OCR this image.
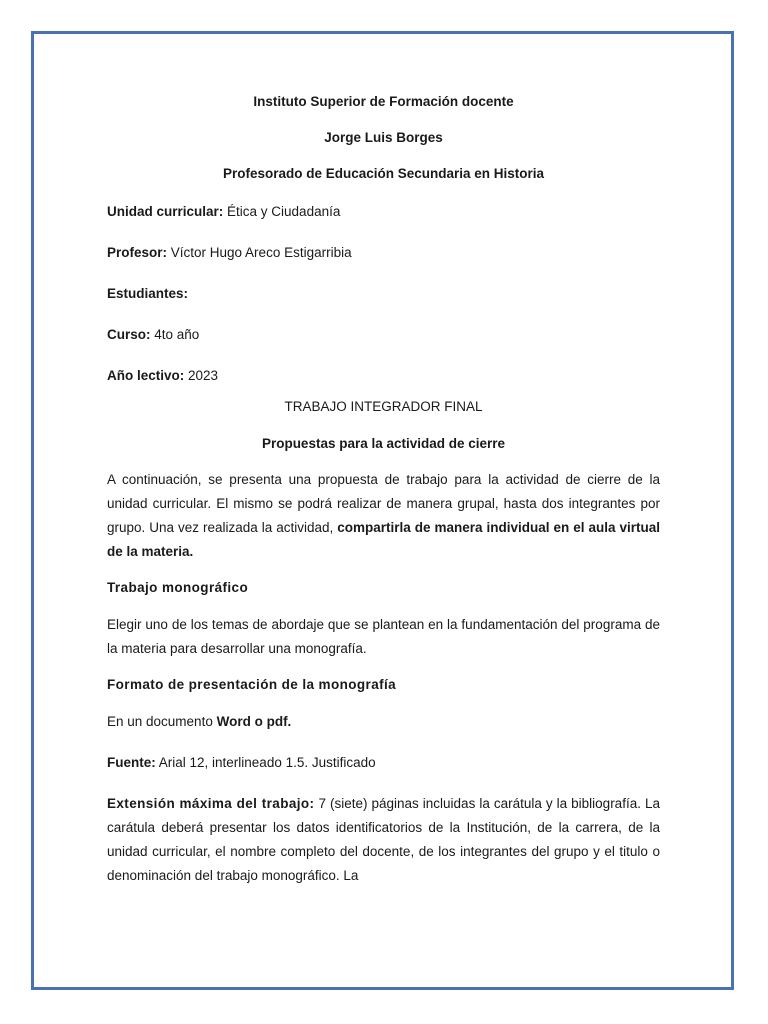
Instituto Superior de Formación docente

Jorge Luis Borges

Profesorado de Educación Secundaria en Historia

Unidad curricular: Ética y Ciudadanía

Profesor: Víctor Hugo Areco Estigarribia

Estudiantes:

Curso: 4to año

Año lectivo: 2023

TRABAJO INTEGRADOR FINAL

Propuestas para la actividad de cierre

A continuación, se presenta una propuesta de trabajo para la actividad de cierre de la unidad curricular. El mismo se podrá realizar de manera grupal, hasta dos integrantes por grupo. Una vez realizada la actividad, compartirla de manera individual en el aula virtual de la materia.

Trabajo monográfico

Elegir uno de los temas de abordaje que se plantean en la fundamentación del programa de la materia para desarrollar una monografía.

Formato de presentación de la monografía

En un documento Word o pdf.

Fuente: Arial 12, interlineado 1.5. Justificado

Extensión máxima del trabajo: 7 (siete) páginas incluidas la carátula y la bibliografía. La carátula deberá presentar los datos identificatorios de la Institución, de la carrera, de la unidad curricular, el nombre completo del docente, de los integrantes del grupo y el titulo o denominación del trabajo monográfico. La
